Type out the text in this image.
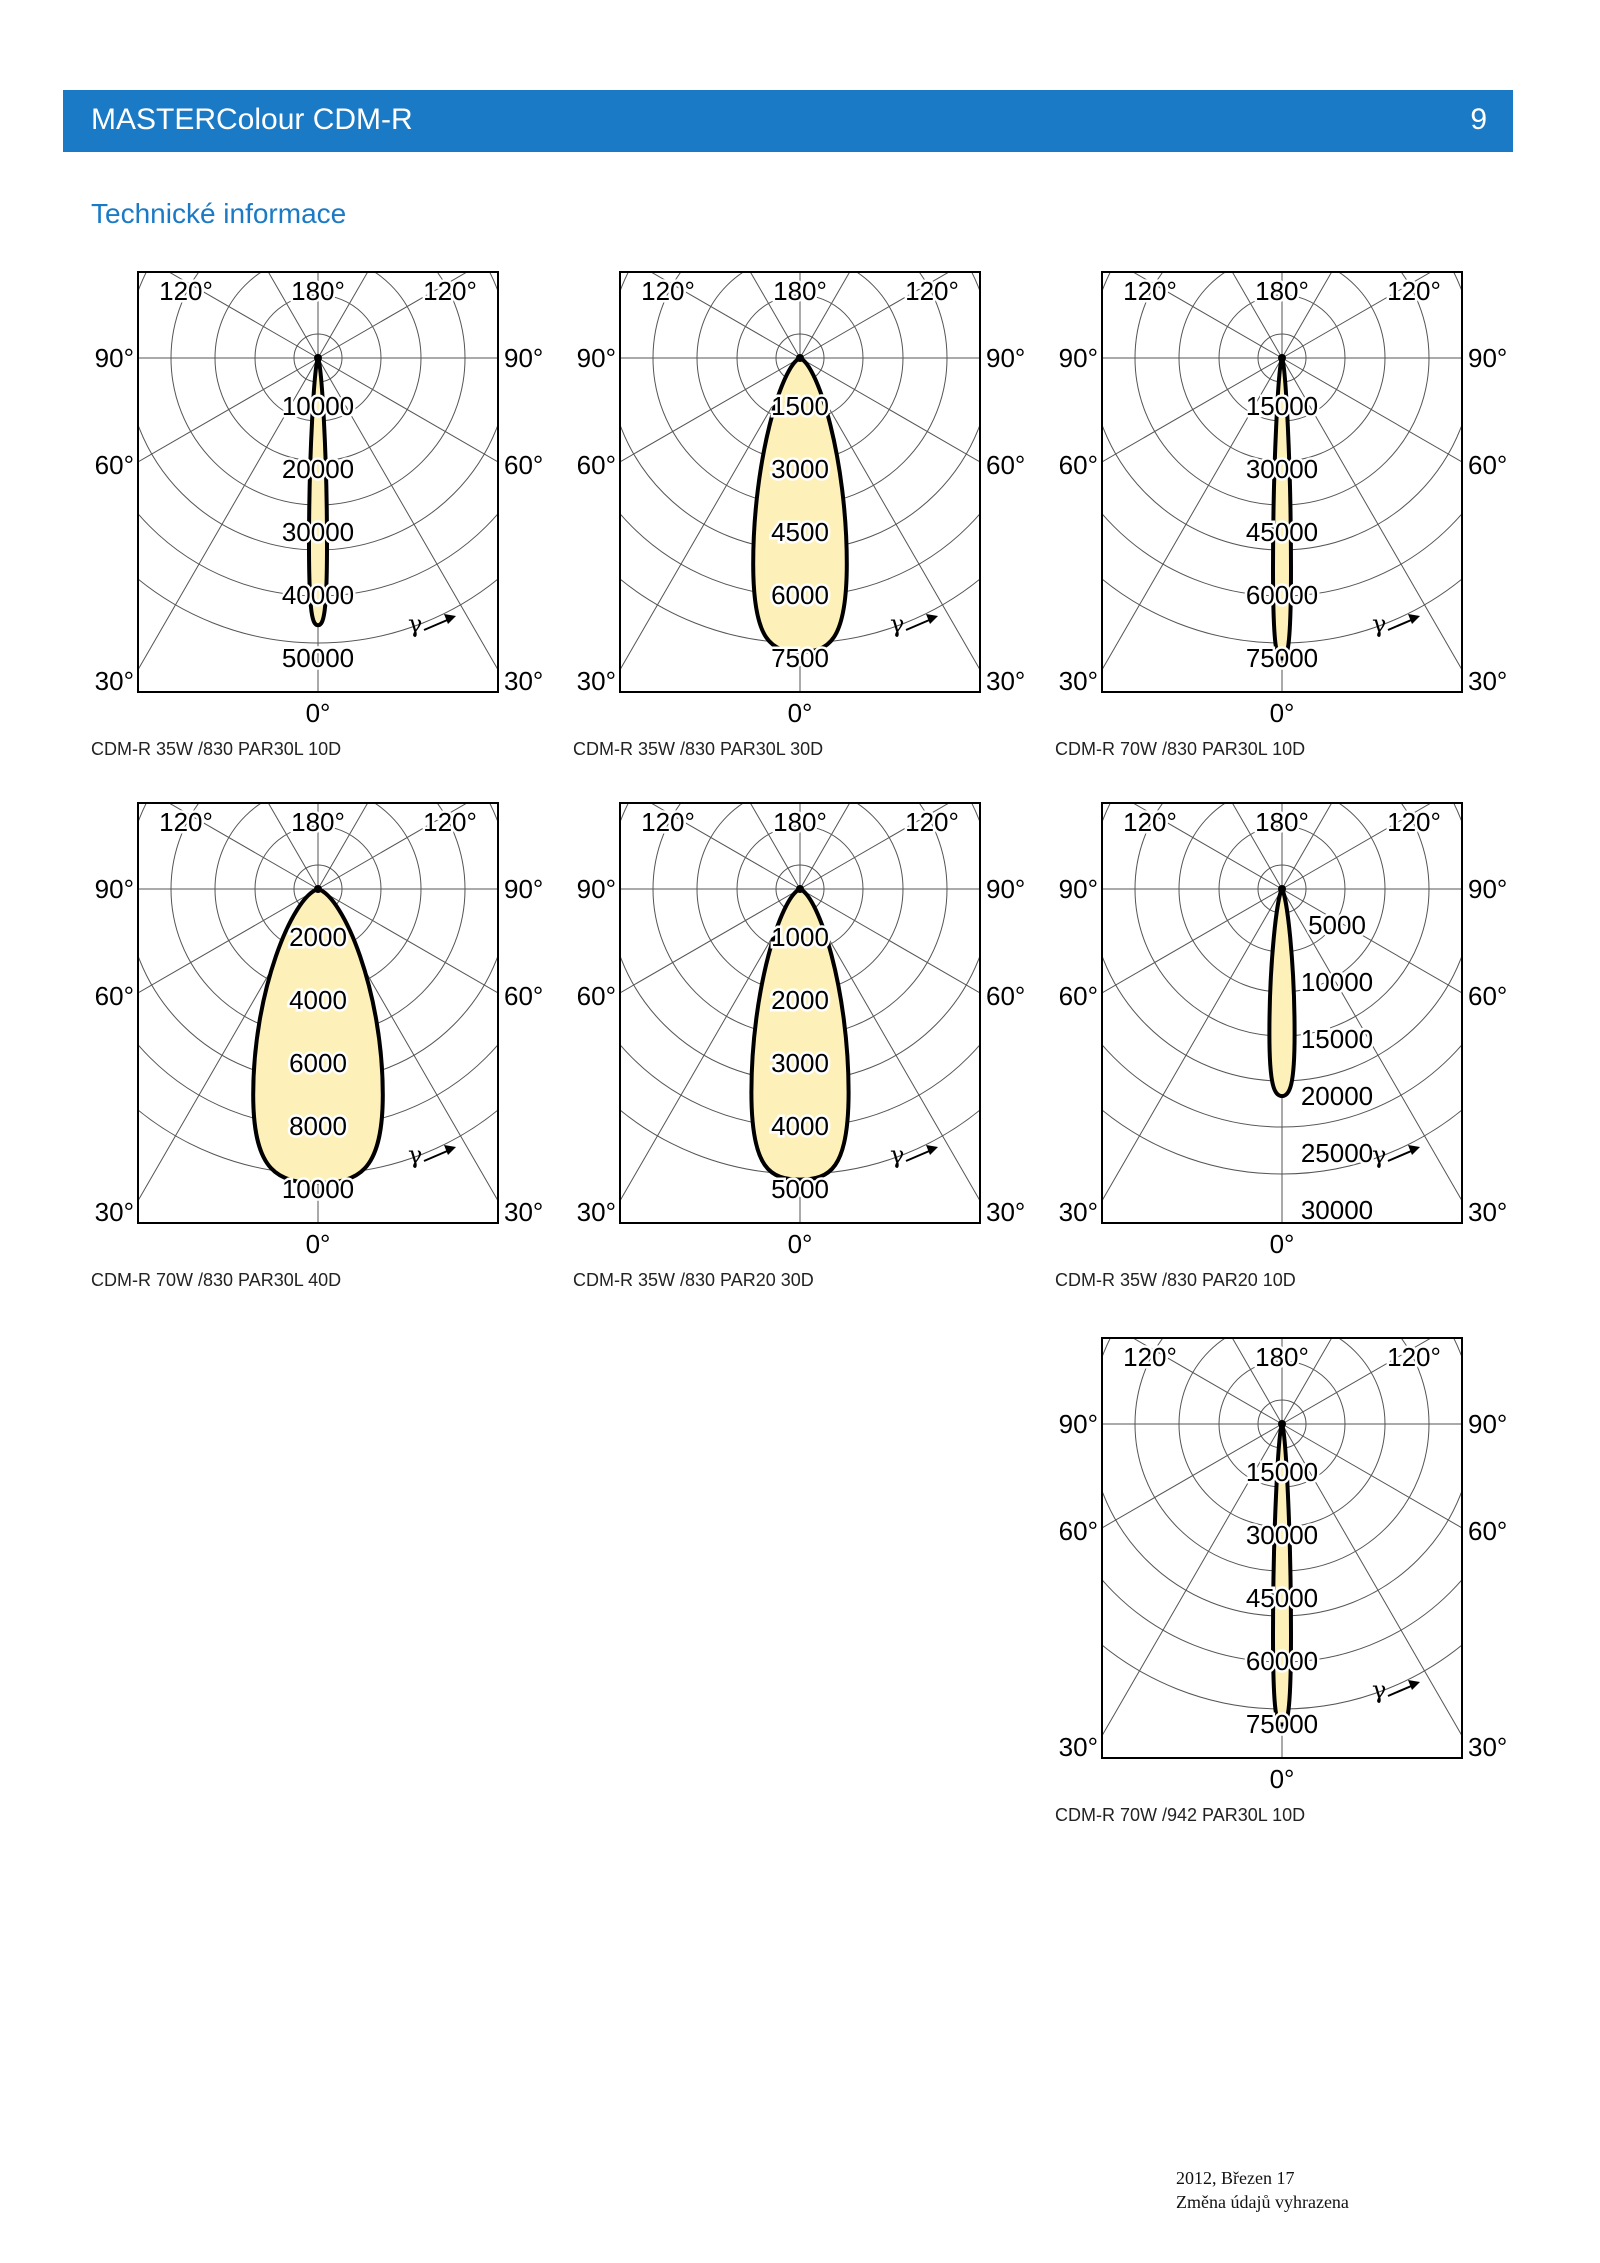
MASTERColour CDM-R	9
Technické informace
10000
20000
30000
40000
50000
120°	180°	120°
90°	90°
60°	60°
30°	30°
0°
γ
CDM-R 35W /830 PAR30L 10D
1500
3000
4500
6000
7500
120°	180°	120°
90°	90°
60°	60°
30°	30°
0°
γ
CDM-R 35W /830 PAR30L 30D
15000
30000
45000
60000
75000
120°	180°	120°
90°	90°
60°	60°
30°	30°
0°
γ
CDM-R 70W /830 PAR30L 10D
2000
4000
6000
8000
10000
120°	180°	120°
90°	90°
60°	60°
30°	30°
0°
γ
CDM-R 70W /830 PAR30L 40D
1000
2000
3000
4000
5000
120°	180°	120°
90°	90°
60°	60°
30°	30°
0°
γ
CDM-R 35W /830 PAR20 30D
5000
10000
15000
20000
25000
30000
120°	180°	120°
90°	90°
60°	60°
30°	30°
0°
γ
CDM-R 35W /830 PAR20 10D
15000
30000
45000
60000
75000
120°	180°	120°
90°	90°
60°	60°
30°	30°
0°
γ
CDM-R 70W /942 PAR30L 10D
2012, Březen 17
Změna údajů vyhrazena
